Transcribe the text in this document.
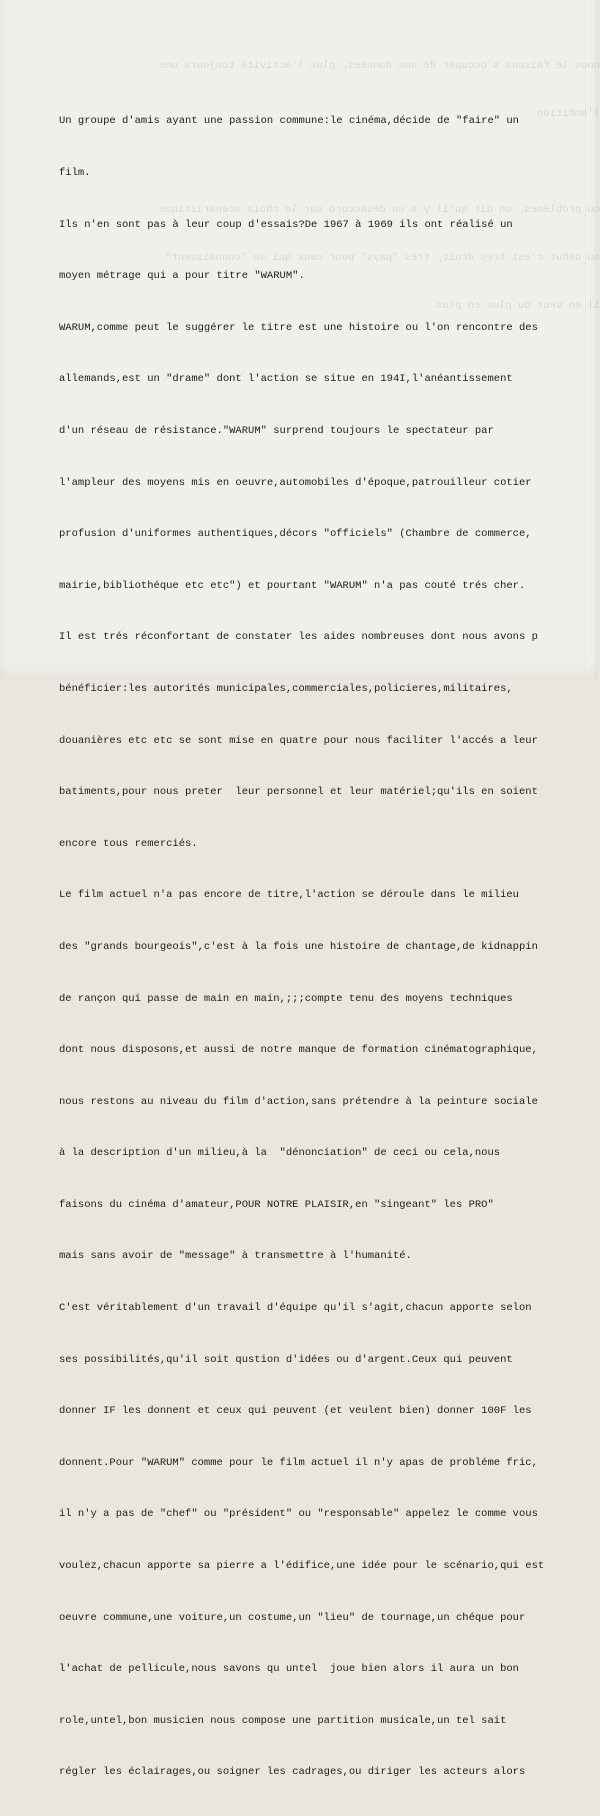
nous le faisons s'occuper de nos données, plus l'activité toujours une

l'ambition.

ou problèmes, on dit qu'il y a un désaccord sur le choix scénaristique

au début c'est très droit, très "pays" pour ceux qui se "connaissent"

il en veut du plus en plus

Un groupe d'amis ayant une passion commune:le cinéma,décide de "faire" un

film.

Ils n'en sont pas à leur coup d'essais?De 1967 à 1969 ils ont réalisé un

moyen métrage qui a pour titre "WARUM".

WARUM,comme peut le suggérer le titre est une histoire ou l'on rencontre des

allemands,est un "drame" dont l'action se situe en 194I,l'anéantissement

d'un réseau de résistance."WARUM" surprend toujours le spectateur par

l'ampleur des moyens mis en oeuvre,automobiles d'époque,patrouilleur cotier

profusion d'uniformes authentiques,décors "officiels" (Chambre de commerce,

mairie,bibliothéque etc etc") et pourtant "WARUM" n'a pas couté trés cher.

Il est trés réconfortant de constater les aides nombreuses dont nous avons p

bénéficier:les autorités municipales,commerciales,policieres,militaires,

douanières etc etc se sont mise en quatre pour nous faciliter l'accés a leur

batiments,pour nous preter  leur personnel et leur matériel;qu'ils en soient

encore tous remerciés.

Le film actuel n'a pas encore de titre,l'action se déroule dans le milieu

des "grands bourgeois",c'est à la fois une histoire de chantage,de kidnappin

de rançon qui passe de main en main,;;;compte tenu des moyens techniques

dont nous disposons,et aussi de notre manque de formation cinématographique,

nous restons au niveau du film d'action,sans prétendre à la peinture sociale

à la description d'un milieu,à la  "dénonciation" de ceci ou cela,nous

faisons du cinéma d'amateur,POUR NOTRE PLAISIR,en "singeant" les PRO"

mais sans avoir de "message" à transmettre à l'humanité.

C'est véritablement d'un travail d'équipe qu'il s'agit,chacun apporte selon

ses possibilités,qu'il soit qustion d'idées ou d'argent.Ceux qui peuvent

donner IF les donnent et ceux qui peuvent (et veulent bien) donner 100F les

donnent.Pour "WARUM" comme pour le film actuel il n'y apas de probléme fric,

il n'y a pas de "chef" ou "président" ou "responsable" appelez le comme vous

voulez,chacun apporte sa pierre a l'édifice,une idée pour le scénario,qui est

oeuvre commune,une voiture,un costume,un "lieu" de tournage,un chéque pour

l'achat de pellicule,nous savons qu untel  joue bien alors il aura un bon

role,untel,bon musicien nous compose une partition musicale,un tel sait

régler les éclairages,ou soigner les cadrages,ou diriger les acteurs alors
